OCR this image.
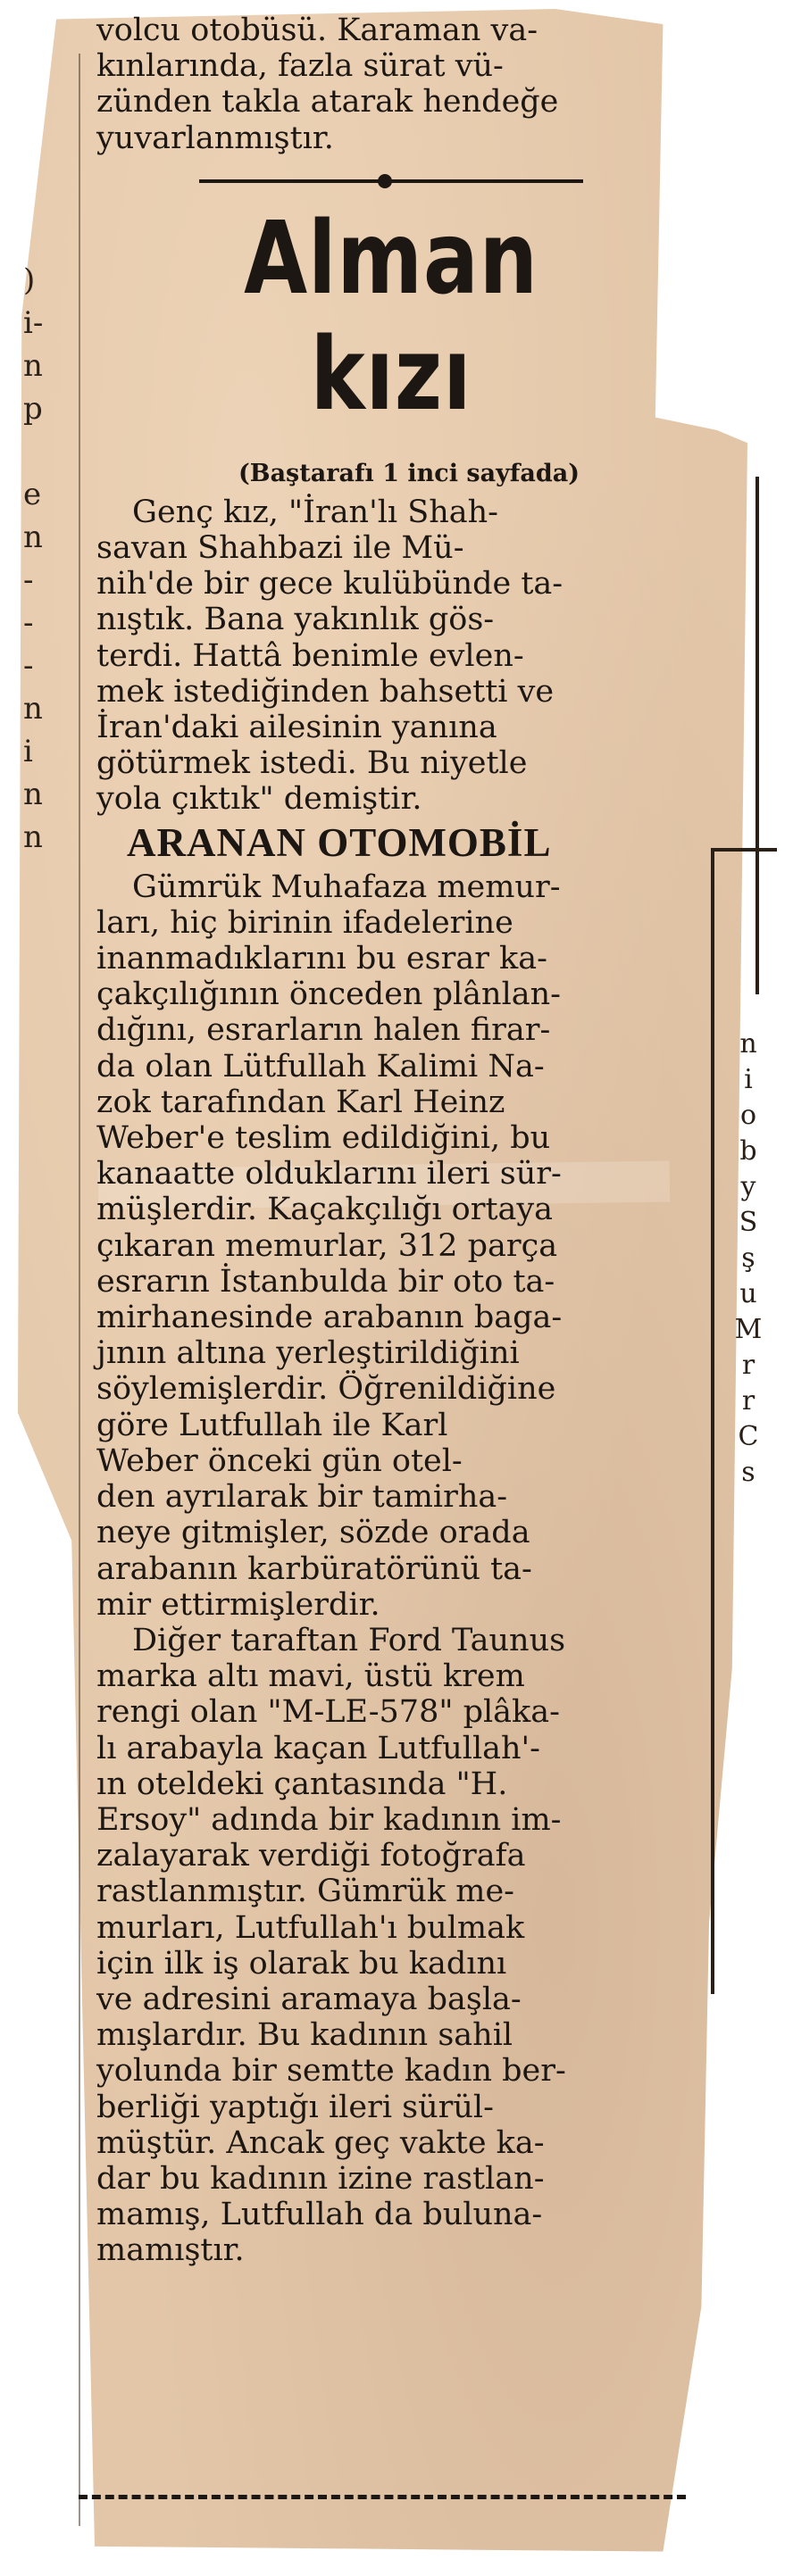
)
i-
n
p

e
n
-
-
-
n
i
n
n
n
i
o
b
y
S
ş
u
M
r
r
C
s

volcu otobüsü. Karaman va-
kınlarında, fazla sürat vü-
zünden takla atarak hendeğe
yuvarlanmıştır.

Alman kızı
(Baştarafı 1 inci sayfada)

Genç kız, "İran'lı Shah-
savan Shahbazi ile Mü-
nih'de bir gece kulübünde ta-
nıştık. Bana yakınlık gös-
terdi. Hattâ benimle evlen-
mek istediğinden bahsetti ve
İran'daki ailesinin yanına
götürmek istedi. Bu niyetle
yola çıktık" demiştir.

ARANAN OTOMOBİL

Gümrük Muhafaza memur-
ları, hiç birinin ifadelerine
inanmadıklarını bu esrar ka-
çakçılığının önceden plânlan-
dığını, esrarların halen firar-
da olan Lütfullah Kalimi Na-
zok tarafından Karl Heinz
Weber'e teslim edildiğini, bu
kanaatte olduklarını ileri sür-
müşlerdir. Kaçakçılığı ortaya
çıkaran memurlar, 312 parça
esrarın İstanbulda bir oto ta-
mirhanesinde arabanın baga-
jının altına yerleştirildiğini
söylemişlerdir. Öğrenildiğine
göre Lutfullah ile Karl
Weber önceki gün otel-
den ayrılarak bir tamirha-
neye gitmişler, sözde orada
arabanın karbüratörünü ta-
mir ettirmişlerdir.

Diğer taraftan Ford Taunus
marka altı mavi, üstü krem
rengi olan "M-LE-578" plâka-
lı arabayla kaçan Lutfullah'-
ın oteldeki çantasında "H.
Ersoy" adında bir kadının im-
zalayarak verdiği fotoğrafa
rastlanmıştır. Gümrük me-
murları, Lutfullah'ı bulmak
için ilk iş olarak bu kadını
ve adresini aramaya başla-
mışlardır. Bu kadının sahil
yolunda bir semtte kadın ber-
berliği yaptığı ileri sürül-
müştür. Ancak geç vakte ka-
dar bu kadının izine rastlan-
mamış, Lutfullah da buluna-
mamıştır.
